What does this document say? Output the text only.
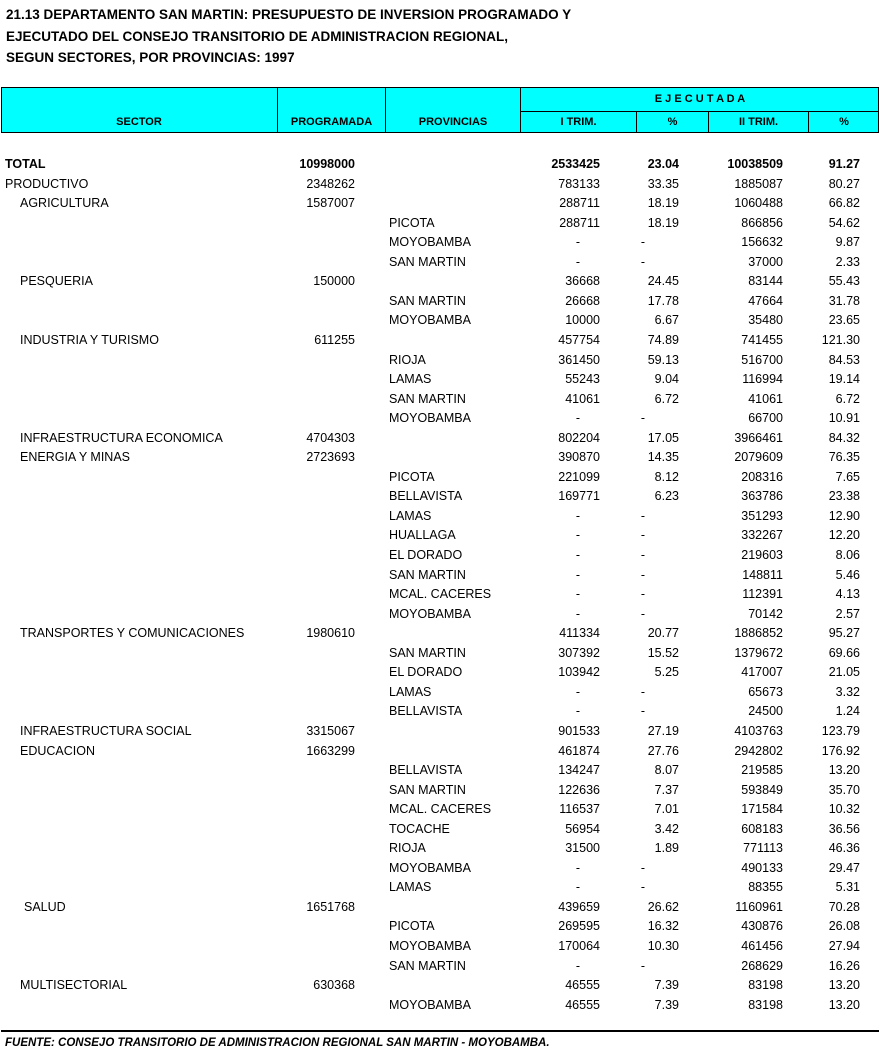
21.13 DEPARTAMENTO SAN MARTIN: PRESUPUESTO DE INVERSION PROGRAMADO Y
EJECUTADO DEL CONSEJO TRANSITORIO DE ADMINISTRACION REGIONAL,
SEGUN SECTORES, POR PROVINCIAS: 1997
SECTOR	PROGRAMADA	PROVINCIAS
E J E C U T A D A
I TRIM.	%	II TRIM.	%
TOTAL	10998000	2533425	23.04	10038509	91.27
PRODUCTIVO	2348262	783133	33.35	1885087	80.27
AGRICULTURA	1587007	288711	18.19	1060488	66.82
PICOTA	288711	18.19	866856	54.62
MOYOBAMBA	-	-	156632	9.87
SAN MARTIN	-	-	37000	2.33
PESQUERIA	150000	36668	24.45	83144	55.43
SAN MARTIN	26668	17.78	47664	31.78
MOYOBAMBA	10000	6.67	35480	23.65
INDUSTRIA Y TURISMO	611255	457754	74.89	741455	121.30
RIOJA	361450	59.13	516700	84.53
LAMAS	55243	9.04	116994	19.14
SAN MARTIN	41061	6.72	41061	6.72
MOYOBAMBA	-	-	66700	10.91
INFRAESTRUCTURA ECONOMICA	4704303	802204	17.05	3966461	84.32
ENERGIA Y MINAS	2723693	390870	14.35	2079609	76.35
PICOTA	221099	8.12	208316	7.65
BELLAVISTA	169771	6.23	363786	23.38
LAMAS	-	-	351293	12.90
HUALLAGA	-	-	332267	12.20
EL DORADO	-	-	219603	8.06
SAN MARTIN	-	-	148811	5.46
MCAL. CACERES	-	-	112391	4.13
MOYOBAMBA	-	-	70142	2.57
TRANSPORTES Y COMUNICACIONES	1980610	411334	20.77	1886852	95.27
SAN MARTIN	307392	15.52	1379672	69.66
EL DORADO	103942	5.25	417007	21.05
LAMAS	-	-	65673	3.32
BELLAVISTA	-	-	24500	1.24
INFRAESTRUCTURA SOCIAL	3315067	901533	27.19	4103763	123.79
EDUCACION	1663299	461874	27.76	2942802	176.92
BELLAVISTA	134247	8.07	219585	13.20
SAN MARTIN	122636	7.37	593849	35.70
MCAL. CACERES	116537	7.01	171584	10.32
TOCACHE	56954	3.42	608183	36.56
RIOJA	31500	1.89	771113	46.36
MOYOBAMBA	-	-	490133	29.47
LAMAS	-	-	88355	5.31
SALUD	1651768	439659	26.62	1160961	70.28
PICOTA	269595	16.32	430876	26.08
MOYOBAMBA	170064	10.30	461456	27.94
SAN MARTIN	-	-	268629	16.26
MULTISECTORIAL	630368	46555	7.39	83198	13.20
MOYOBAMBA	46555	7.39	83198	13.20
FUENTE: CONSEJO TRANSITORIO DE ADMINISTRACION REGIONAL SAN MARTIN - MOYOBAMBA.
